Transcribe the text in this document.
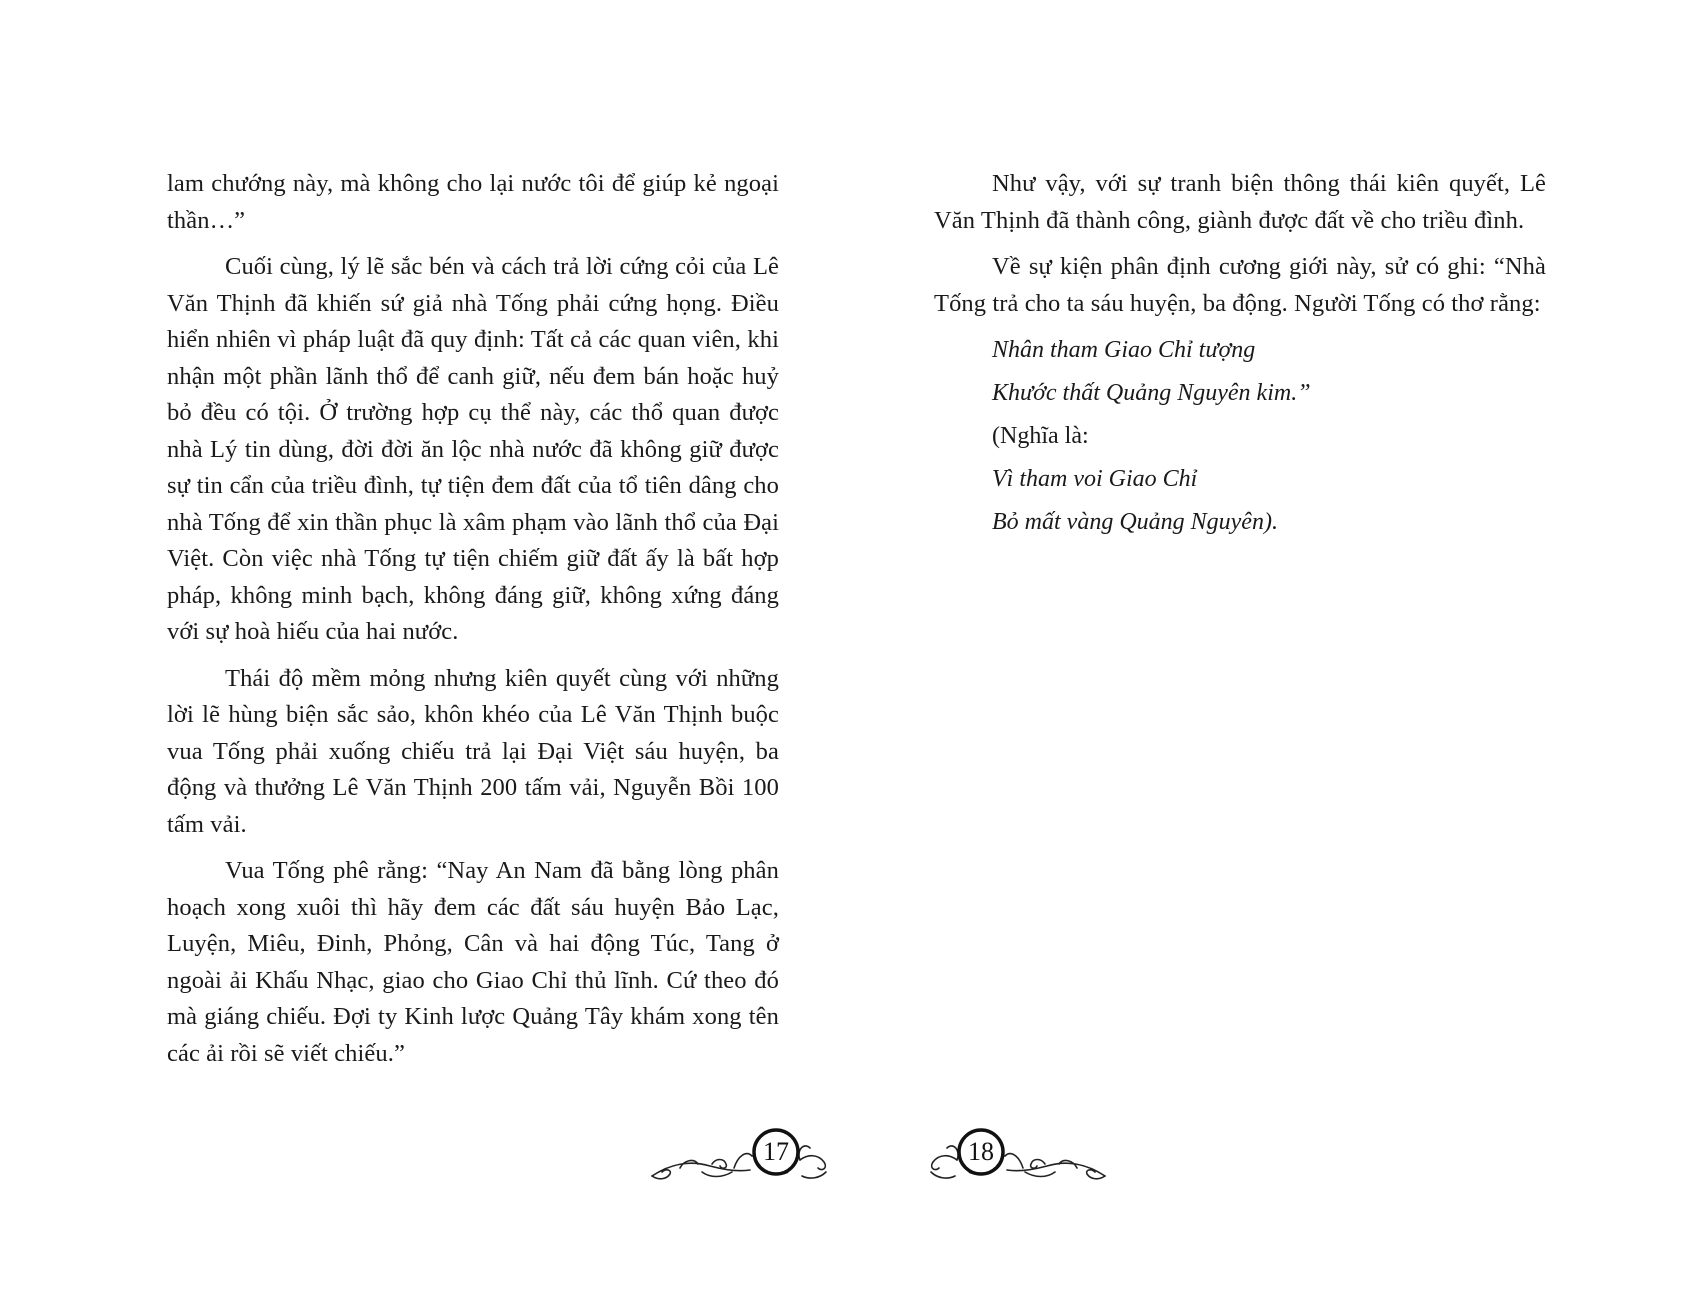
lam chướng này, mà không cho lại nước tôi để giúp kẻ ngoại thần…”

Cuối cùng, lý lẽ sắc bén và cách trả lời cứng cỏi của Lê Văn Thịnh đã khiến sứ giả nhà Tống phải cứng họng. Điều hiển nhiên vì pháp luật đã quy định: Tất cả các quan viên, khi nhận một phần lãnh thổ để canh giữ, nếu đem bán hoặc huỷ bỏ đều có tội. Ở trường hợp cụ thể này, các thổ quan được nhà Lý tin dùng, đời đời ăn lộc nhà nước đã không giữ được sự tin cẩn của triều đình, tự tiện đem đất của tổ tiên dâng cho nhà Tống để xin thần phục là xâm phạm vào lãnh thổ của Đại Việt. Còn việc nhà Tống tự tiện chiếm giữ đất ấy là bất hợp pháp, không minh bạch, không đáng giữ, không xứng đáng với sự hoà hiếu của hai nước.

Thái độ mềm mỏng nhưng kiên quyết cùng với những lời lẽ hùng biện sắc sảo, khôn khéo của Lê Văn Thịnh buộc vua Tống phải xuống chiếu trả lại Đại Việt sáu huyện, ba động và thưởng Lê Văn Thịnh 200 tấm vải, Nguyễn Bồi 100 tấm vải.

Vua Tống phê rằng: “Nay An Nam đã bằng lòng phân hoạch xong xuôi thì hãy đem các đất sáu huyện Bảo Lạc, Luyện, Miêu, Đinh, Phỏng, Cân và hai động Túc, Tang ở ngoài ải Khấu Nhạc, giao cho Giao Chỉ thủ lĩnh. Cứ theo đó mà giáng chiếu. Đợi ty Kinh lược Quảng Tây khám xong tên các ải rồi sẽ viết chiếu.”

Như vậy, với sự tranh biện thông thái kiên quyết, Lê Văn Thịnh đã thành công, giành được đất về cho triều đình.

Về sự kiện phân định cương giới này, sử có ghi: “Nhà Tống trả cho ta sáu huyện, ba động. Người Tống có thơ rằng:

Nhân tham Giao Chỉ tượng

Khước thất Quảng Nguyên kim.”

(Nghĩa là:

Vì tham voi Giao Chỉ

Bỏ mất vàng Quảng Nguyên).

17	18
